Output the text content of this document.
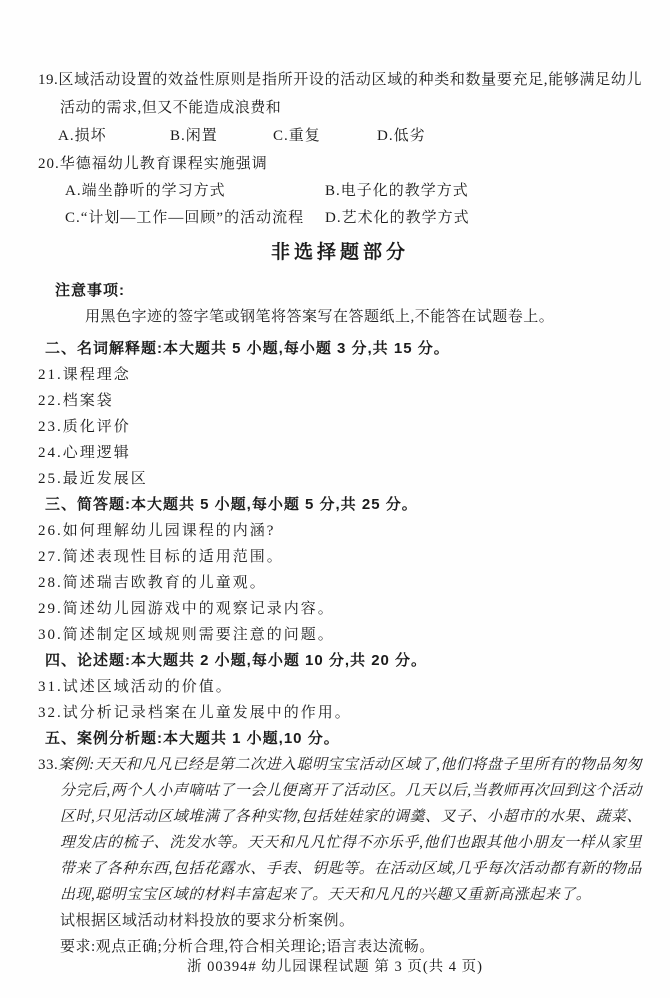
19.区域活动设置的效益性原则是指所开设的活动区域的种类和数量要充足,能够满足幼儿活动的需求,但又不能造成浪费和

A.损坏	B.闲置	C.重复	D.低劣
20.华德福幼儿教育课程实施强调
A.端坐静听的学习方式	B.电子化的教学方式
C.“计划—工作—回顾”的活动流程	D.艺术化的教学方式
非选择题部分
注意事项:
用黑色字迹的签字笔或钢笔将答案写在答题纸上,不能答在试题卷上。
二、名词解释题:本大题共 5 小题,每小题 3 分,共 15 分。
21.课程理念
22.档案袋
23.质化评价
24.心理逻辑
25.最近发展区
三、简答题:本大题共 5 小题,每小题 5 分,共 25 分。
26.如何理解幼儿园课程的内涵?
27.简述表现性目标的适用范围。
28.简述瑞吉欧教育的儿童观。
29.简述幼儿园游戏中的观察记录内容。
30.简述制定区域规则需要注意的问题。
四、论述题:本大题共 2 小题,每小题 10 分,共 20 分。
31.试述区域活动的价值。
32.试分析记录档案在儿童发展中的作用。
五、案例分析题:本大题共 1 小题,10 分。

33.案例:天天和凡凡已经是第二次进入聪明宝宝活动区域了,他们将盘子里所有的物品匆匆分完后,两个人小声嘀咕了一会儿便离开了活动区。几天以后,当教师再次回到这个活动区时,只见活动区域堆满了各种实物,包括娃娃家的调羹、叉子、小超市的水果、蔬菜、理发店的梳子、洗发水等。天天和凡凡忙得不亦乐乎,他们也跟其他小朋友一样从家里带来了各种东西,包括花露水、手表、钥匙等。在活动区域,几乎每次活动都有新的物品出现,聪明宝宝区域的材料丰富起来了。天天和凡凡的兴趣又重新高涨起来了。

试根据区域活动材料投放的要求分析案例。
要求:观点正确;分析合理,符合相关理论;语言表达流畅。
浙 00394# 幼儿园课程试题 第 3 页(共 4 页)
